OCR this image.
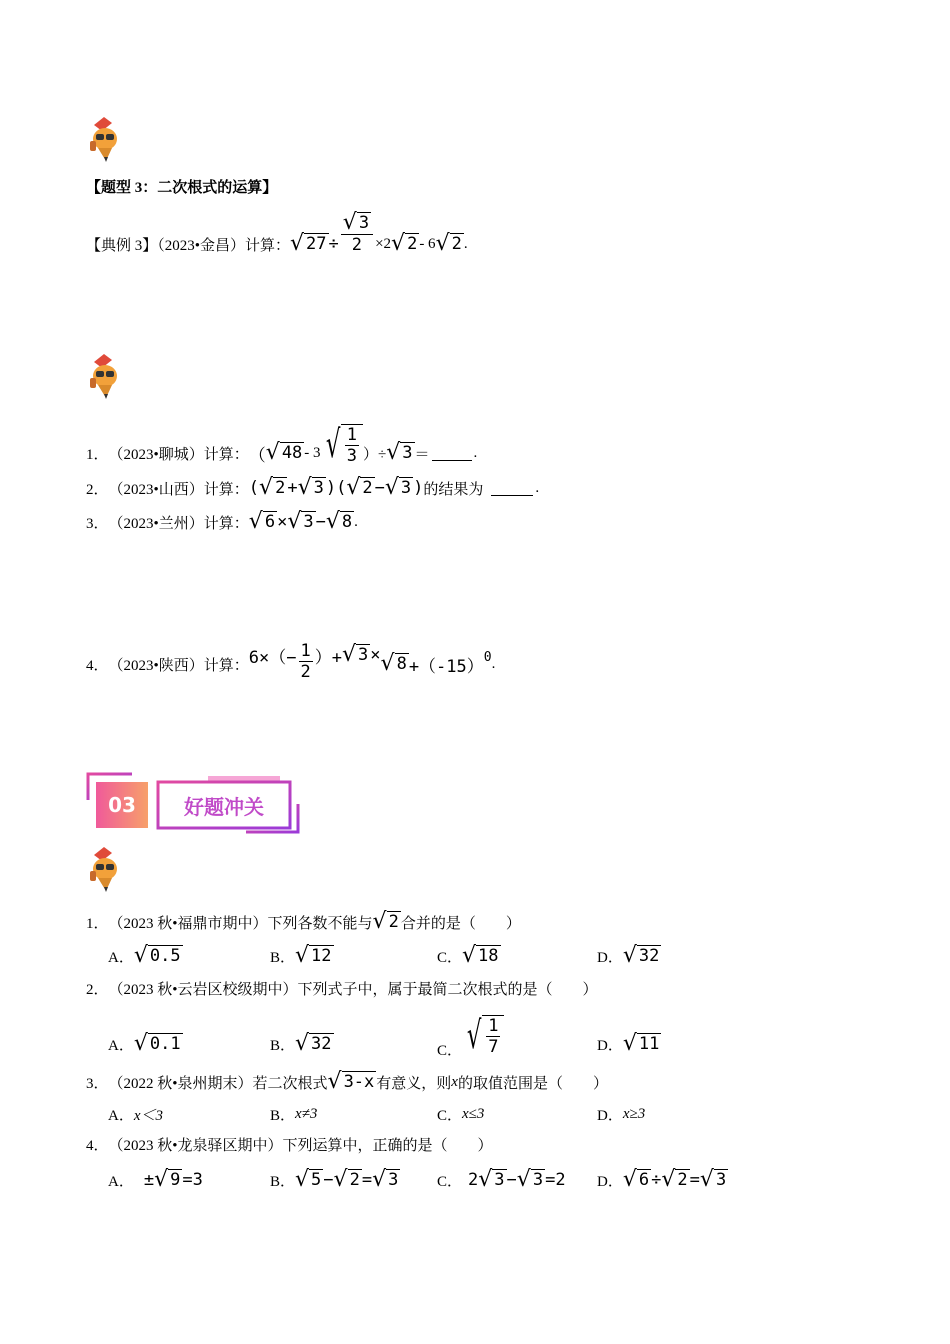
【题型 3：二次根式的运算】
【典例 3】（2023•金昌）计算： √ $27 \div \frac{√ 3}{2} \times 2$ √ 2 - 6 √ 2 .
1． （2023•聊城）计算： （ √ 48 - 3 √ $\frac{1}{3}$ ）÷ √ 3 ＝	.
2． （2023•山西）计算： ( √ 2 + √ 3 )( √ 2 − √ 3 ) 的结果为	.
3． （2023•兰州）计算： √ 6 × √ 3 − √ 8 .
4． （2023•陕西）计算： $6\times(- \frac{1}{2}$ ）+ √ 3 × √ 8 +（-15） 0 .
03	好题冲关
1． （2023 秋•福鼎市期中）下列各数不能与 √ 2 合并的是（　　）
A． √ 0.5	B． √ 12	C． √ 18	D． √ 32
2． （2023 秋•云岩区校级期中）下列式子中，属于最简二次根式的是（　　）
A． √ 0.1	B． √ 32	C． √ $\frac{1}{7}$	D． √ 11
3． （2022 秋•泉州期末）若二次根式 √ 3-x 有意义，则 x 的取值范围是（　　）
A． x＜3	B． x≠3	C． x≤3	D． x≥3
4． （2023 秋•龙泉驿区期中）下列运算中，正确的是（　　）
A． ± √ 9 =3	B． √ 5 − √ 2 = √ 3	C． 2 √ 3 − √ 3 =2 D． √ 6 ÷ √ 2 = √ 3
